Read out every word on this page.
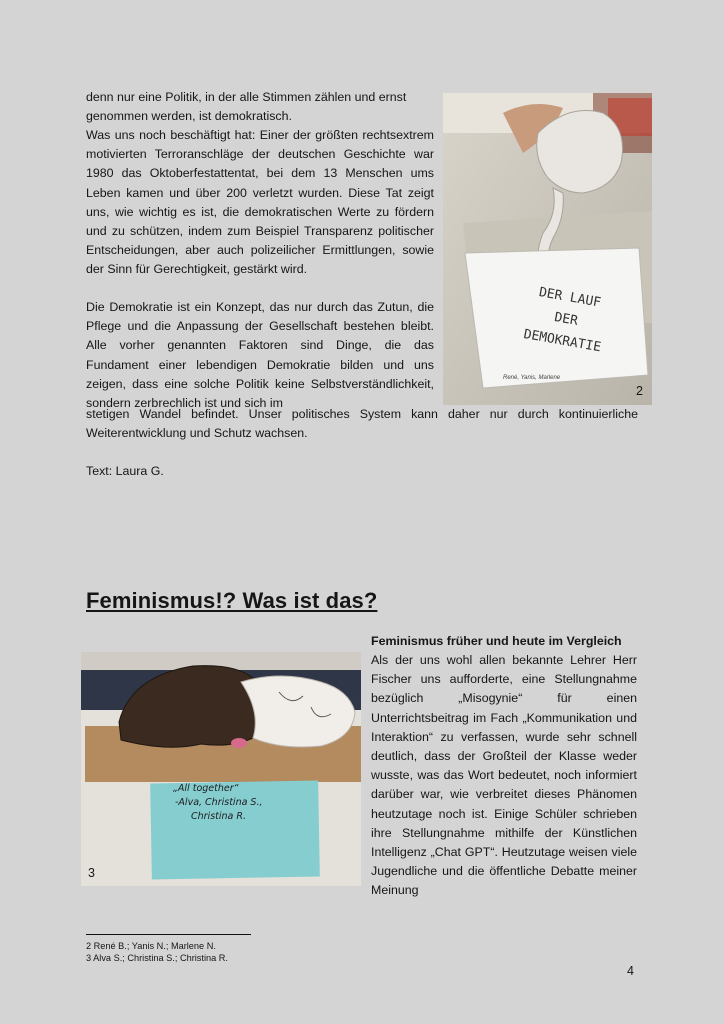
denn nur eine Politik, in der alle Stimmen zählen und ernst

genommen werden, ist demokratisch.

Was uns noch beschäftigt hat: Einer der größten rechtsextrem motivierten Terroranschläge der deutschen Geschichte war 1980 das Oktoberfestattentat, bei dem 13 Menschen ums Leben kamen und über 200 verletzt wurden. Diese Tat zeigt uns, wie wichtig es ist, die demokratischen Werte zu fördern und zu schützen, indem zum Beispiel Transparenz politischer Entscheidungen, aber auch polizeilicher Ermittlungen, sowie der Sinn für Gerechtigkeit, gestärkt wird.

Die Demokratie ist ein Konzept, das nur durch das Zutun, die Pflege und die Anpassung der Gesellschaft bestehen bleibt. Alle vorher genannten Faktoren sind Dinge, die das Fundament einer lebendigen Demokratie bilden und uns zeigen, dass eine solche Politik keine Selbstverständlichkeit, sondern zerbrechlich ist und sich im

stetigen Wandel befindet. Unser politisches System kann daher nur durch kontinuierliche Weiterentwicklung und Schutz wachsen.

Text: Laura G.

DER LAUF
DER
DEMOKRATIE
René, Yanis, Marlene
2
Feminismus!? Was ist das?
„All together“
-Alva, Christina S.,
Christina R.
3

Feminismus früher und heute im Vergleich

Als der uns wohl allen bekannte Lehrer Herr Fischer uns aufforderte, eine Stellungnahme bezüglich „Misogynie“ für einen Unterrichtsbeitrag im Fach „Kommunikation und Interaktion“ zu verfassen, wurde sehr schnell deutlich, dass der Großteil der Klasse weder wusste, was das Wort bedeutet, noch informiert darüber war, wie verbreitet dieses Phänomen heutzutage noch ist. Einige Schüler schrieben ihre Stellungnahme mithilfe der Künstlichen Intelligenz „Chat GPT“. Heutzutage weisen viele Jugendliche und die öffentliche Debatte meiner Meinung

2 René B.; Yanis N.; Marlene N.
3 Alva S.; Christina S.; Christina R.
4
